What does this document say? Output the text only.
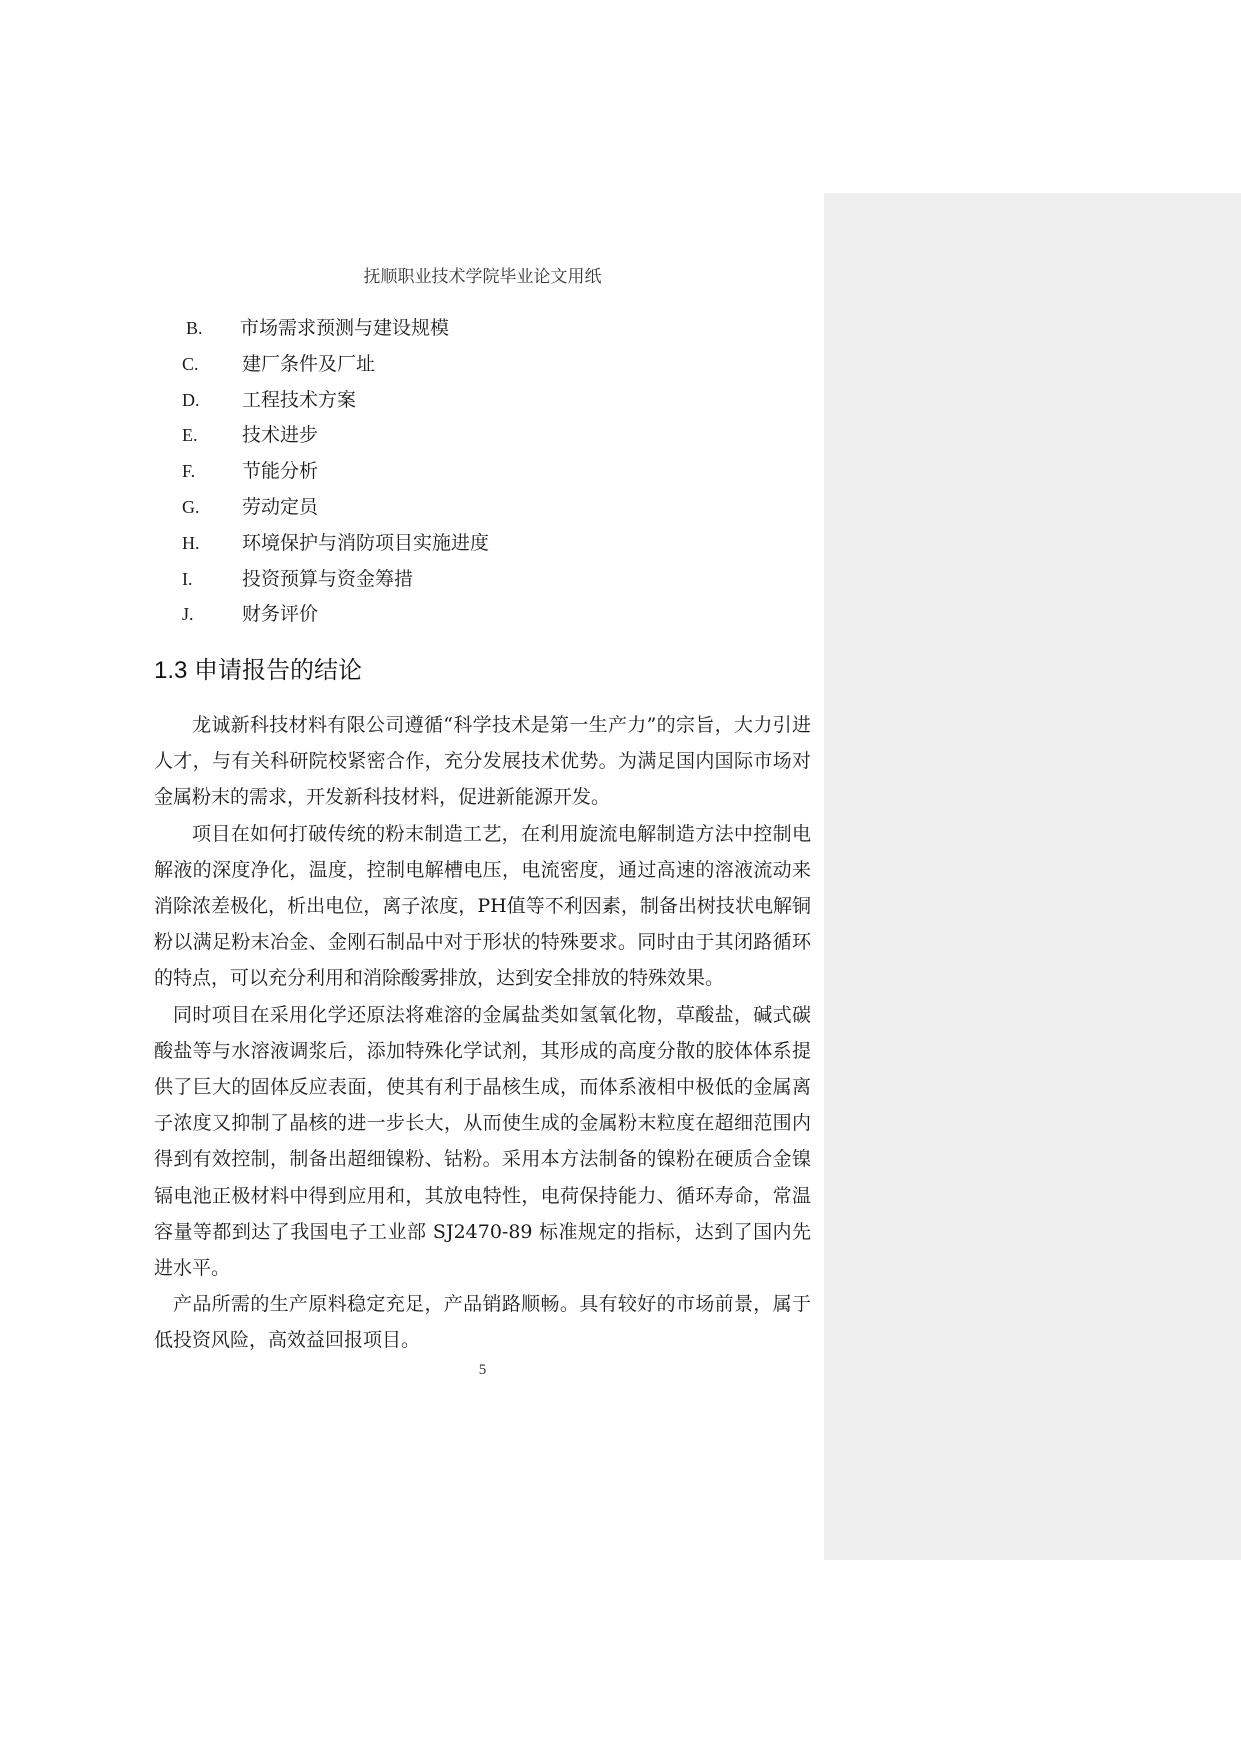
抚顺职业技术学院毕业论文用纸
B.	市场需求预测与建设规模
C.	建厂条件及厂址
D.	工程技术方案
E.	技术进步
F.	节能分析
G.	劳动定员
H.	环境保护与消防项目实施进度
I.	投资预算与资金筹措
J.	财务评价
1.3 申请报告的结论

龙诚新科技材料有限公司遵循“科学技术是第一生产力”的宗旨，大力引进人才，与有关科研院校紧密合作，充分发展技术优势。为满足国内国际市场对金属粉末的需求，开发新科技材料，促进新能源开发。

项目在如何打破传统的粉末制造工艺，在利用旋流电解制造方法中控制电解液的深度净化，温度，控制电解槽电压，电流密度，通过高速的溶液流动来消除浓差极化，析出电位，离子浓度，PH值等不利因素，制备出树技状电解铜粉以满足粉末冶金、金刚石制品中对于形状的特殊要求。同时由于其闭路循环的特点，可以充分利用和消除酸雾排放，达到安全排放的特殊效果。

同时项目在采用化学还原法将难溶的金属盐类如氢氧化物，草酸盐，碱式碳酸盐等与水溶液调浆后，添加特殊化学试剂，其形成的高度分散的胶体体系提供了巨大的固体反应表面，使其有利于晶核生成，而体系液相中极低的金属离子浓度又抑制了晶核的进一步长大，从而使生成的金属粉末粒度在超细范围内得到有效控制，制备出超细镍粉、钴粉。采用本方法制备的镍粉在硬质合金镍镉电池正极材料中得到应用和，其放电特性，电荷保持能力、循环寿命，常温容量等都到达了我国电子工业部 SJ2470-89 标准规定的指标，达到了国内先进水平。

产品所需的生产原料稳定充足，产品销路顺畅。具有较好的市场前景，属于低投资风险，高效益回报项目。

5
